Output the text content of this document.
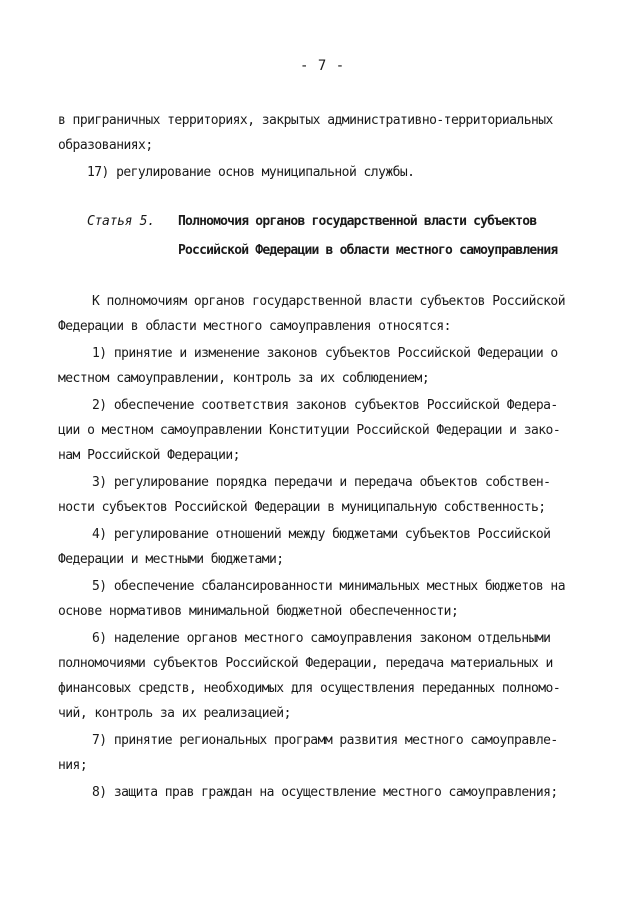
- 7 -
в приграничных территориях, закрытых административно-территориальных
образованиях;
17) регулирование основ муниципальной службы.
Статья 5. Полномочия органов государственной власти субъектов
Российской Федерации в области местного самоуправления
К полномочиям органов государственной власти субъектов Российской
Федерации в области местного самоуправления относятся:
1) принятие и изменение законов субъектов Российской Федерации о
местном самоуправлении, контроль за их соблюдением;
2) обеспечение соответствия законов субъектов Российской Федера-
ции о местном самоуправлении Конституции Российской Федерации и зако-
нам Российской Федерации;
3) регулирование порядка передачи и передача объектов собствен-
ности субъектов Российской Федерации в муниципальную собственность;
4) регулирование отношений между бюджетами субъектов Российской
Федерации и местными бюджетами;
5) обеспечение сбалансированности минимальных местных бюджетов на
основе нормативов минимальной бюджетной обеспеченности;
6) наделение органов местного самоуправления законом отдельными
полномочиями субъектов Российской Федерации, передача материальных и
финансовых средств, необходимых для осуществления переданных полномо-
чий, контроль за их реализацией;
7) принятие региональных программ развития местного самоуправле-
ния;
8) защита прав граждан на осуществление местного самоуправления;
